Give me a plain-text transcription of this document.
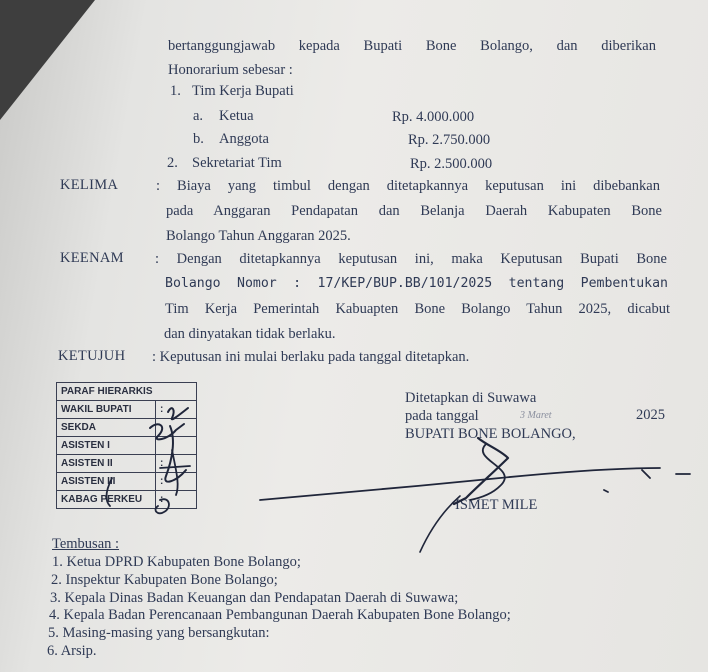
bertanggungjawab kepada Bupati Bone Bolango, dan diberikan
Honorarium sebesar :
1. Tim Kerja Bupati
a. Ketua	Rp. 4.000.000
b. Anggota	Rp. 2.750.000
2. Sekretariat Tim	Rp. 2.500.000
KELIMA	: Biaya yang timbul dengan ditetapkannya keputusan ini dibebankan
pada Anggaran Pendapatan dan Belanja Daerah Kabupaten Bone
Bolango Tahun Anggaran 2025.
KEENAM : Dengan ditetapkannya keputusan ini, maka Keputusan Bupati Bone
Bolango Nomor : 17/KEP/BUP.BB/101/2025 tentang Pembentukan
Tim Kerja Pemerintah Kabuapten Bone Bolango Tahun 2025, dicabut
dan dinyatakan tidak berlaku.
KETUJUH : Keputusan ini mulai berlaku pada tanggal ditetapkan.
PARAF HIERARKIS	
WAKIL BUPATI	:
SEKDA	
ASISTEN I	
ASISTEN II	:
ASISTEN III	:
KABAG PERKEU	:
Ditetapkan di Suwawa
pada tanggal	3 Maret	2025
BUPATI BONE BOLANGO,
ISMET MILE
Tembusan :
1. Ketua DPRD Kabupaten Bone Bolango;
2. Inspektur Kabupaten Bone Bolango;
3. Kepala Dinas Badan Keuangan dan Pendapatan Daerah di Suwawa;
4. Kepala Badan Perencanaan Pembangunan Daerah Kabupaten Bone Bolango;
5. Masing-masing yang bersangkutan:
6. Arsip.
